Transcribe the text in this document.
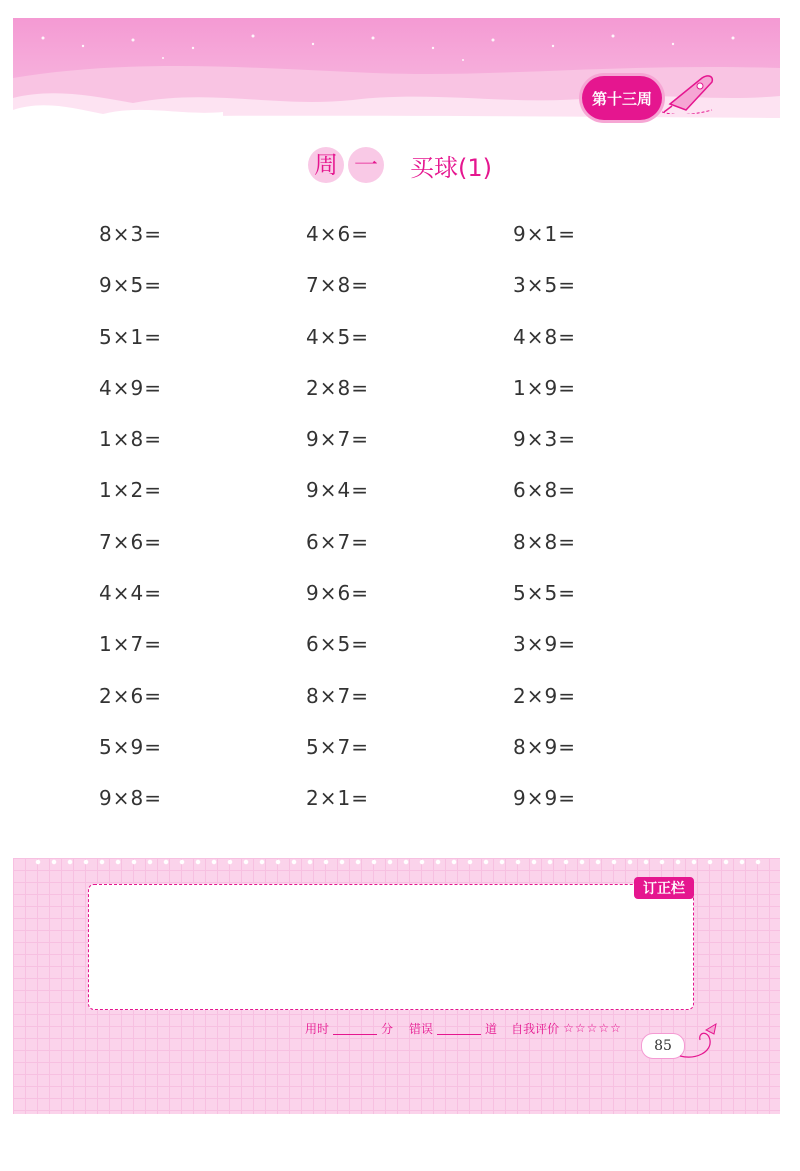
第十三周
周 一 买球(1)
8×3=	4×6=	9×1=
9×5=	7×8=	3×5=
5×1=	4×5=	4×8=
4×9=	2×8=	1×9=
1×8=	9×7=	9×3=
1×2=	9×4=	6×8=
7×6=	6×7=	8×8=
4×4=	9×6=	5×5=
1×7=	6×5=	3×9=
2×6=	8×7=	2×9=
5×9=	5×7=	8×9=
9×8=	2×1=	9×9=
订正栏
用时	分 错误	道 自我评价 ☆☆☆☆☆
85
